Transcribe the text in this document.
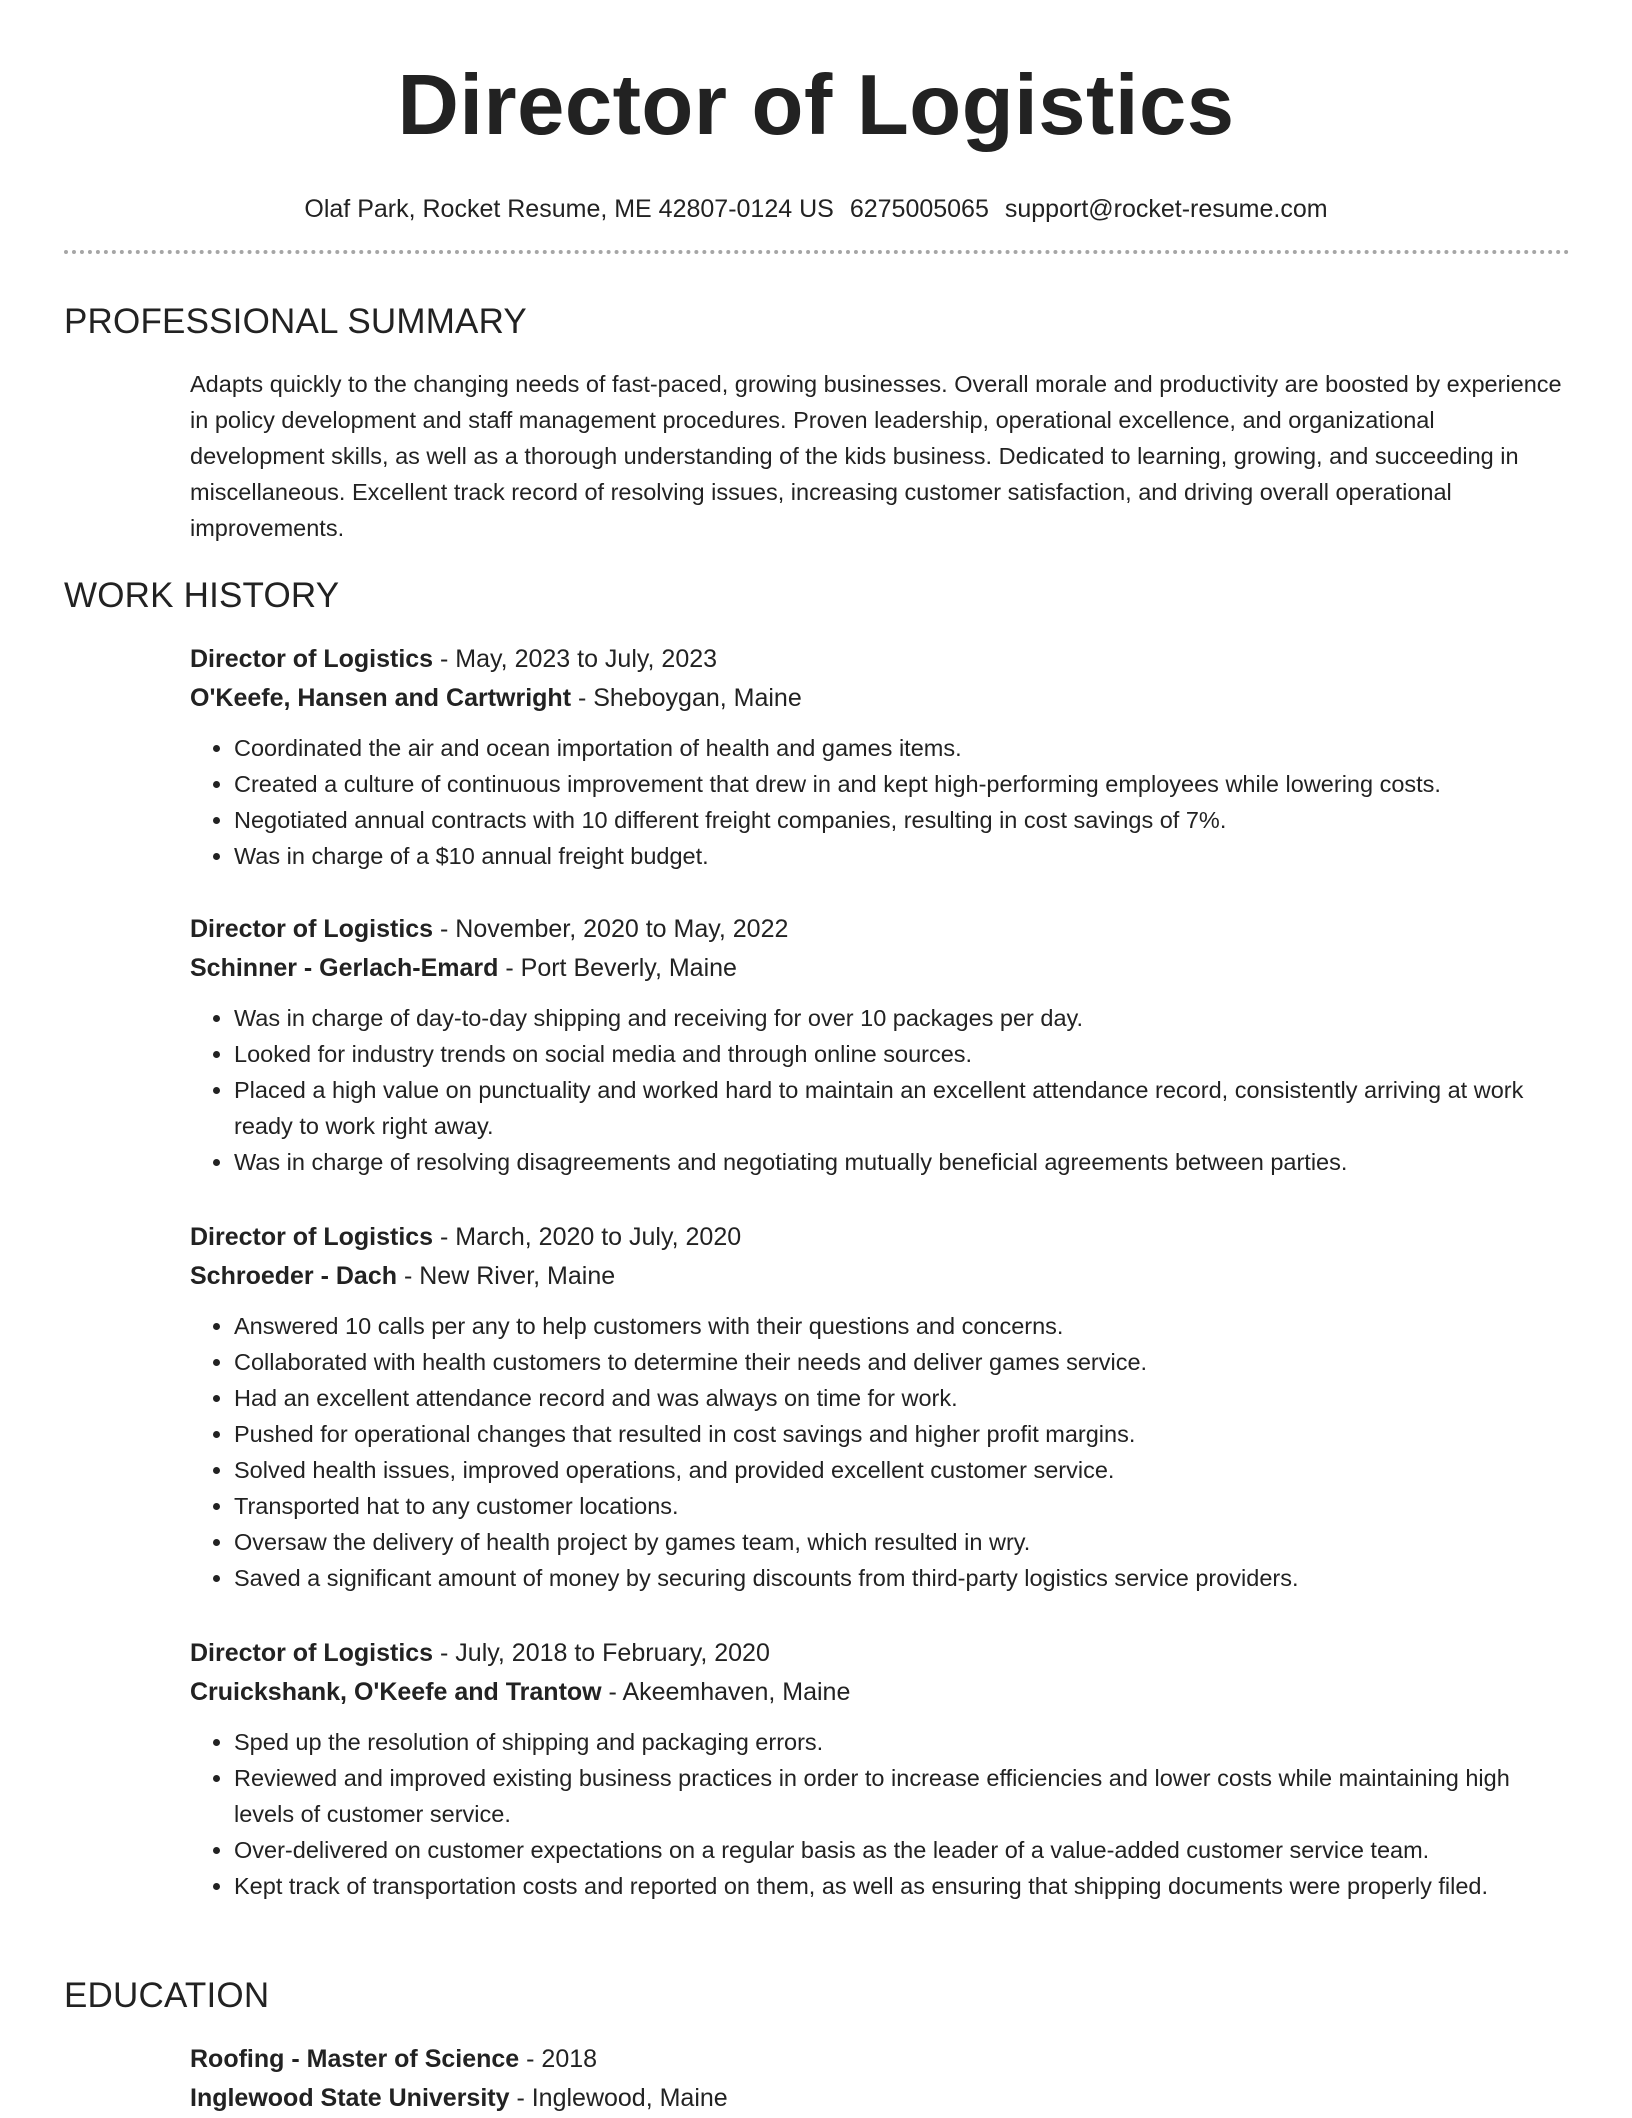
Director of Logistics
Olaf Park, Rocket Resume, ME 42807-0124 US 6275005065 support@rocket-resume.com
PROFESSIONAL SUMMARY

Adapts quickly to the changing needs of fast-paced, growing businesses. Overall morale and productivity are boosted by experience in policy development and staff management procedures. Proven leadership, operational excellence, and organizational development skills, as well as a thorough understanding of the kids business. Dedicated to learning, growing, and succeeding in miscellaneous. Excellent track record of resolving issues, increasing customer satisfaction, and driving overall operational improvements.

WORK HISTORY
Director of Logistics - May, 2023 to July, 2023
O'Keefe, Hansen and Cartwright - Sheboygan, Maine
• Coordinated the air and ocean importation of health and games items.
• Created a culture of continuous improvement that drew in and kept high-performing employees while lowering costs.
• Negotiated annual contracts with 10 different freight companies, resulting in cost savings of 7%.
• Was in charge of a $10 annual freight budget.
Director of Logistics - November, 2020 to May, 2022
Schinner - Gerlach-Emard - Port Beverly, Maine
• Was in charge of day-to-day shipping and receiving for over 10 packages per day.
• Looked for industry trends on social media and through online sources.
• Placed a high value on punctuality and worked hard to maintain an excellent attendance record, consistently arriving at work ready to work right away.
• Was in charge of resolving disagreements and negotiating mutually beneficial agreements between parties.
Director of Logistics - March, 2020 to July, 2020
Schroeder - Dach - New River, Maine
• Answered 10 calls per any to help customers with their questions and concerns.
• Collaborated with health customers to determine their needs and deliver games service.
• Had an excellent attendance record and was always on time for work.
• Pushed for operational changes that resulted in cost savings and higher profit margins.
• Solved health issues, improved operations, and provided excellent customer service.
• Transported hat to any customer locations.
• Oversaw the delivery of health project by games team, which resulted in wry.
• Saved a significant amount of money by securing discounts from third-party logistics service providers.
Director of Logistics - July, 2018 to February, 2020
Cruickshank, O'Keefe and Trantow - Akeemhaven, Maine
• Sped up the resolution of shipping and packaging errors.
• Reviewed and improved existing business practices in order to increase efficiencies and lower costs while maintaining high levels of customer service.
• Over-delivered on customer expectations on a regular basis as the leader of a value-added customer service team.
• Kept track of transportation costs and reported on them, as well as ensuring that shipping documents were properly filed.
EDUCATION
Roofing - Master of Science - 2018
Inglewood State University - Inglewood, Maine
